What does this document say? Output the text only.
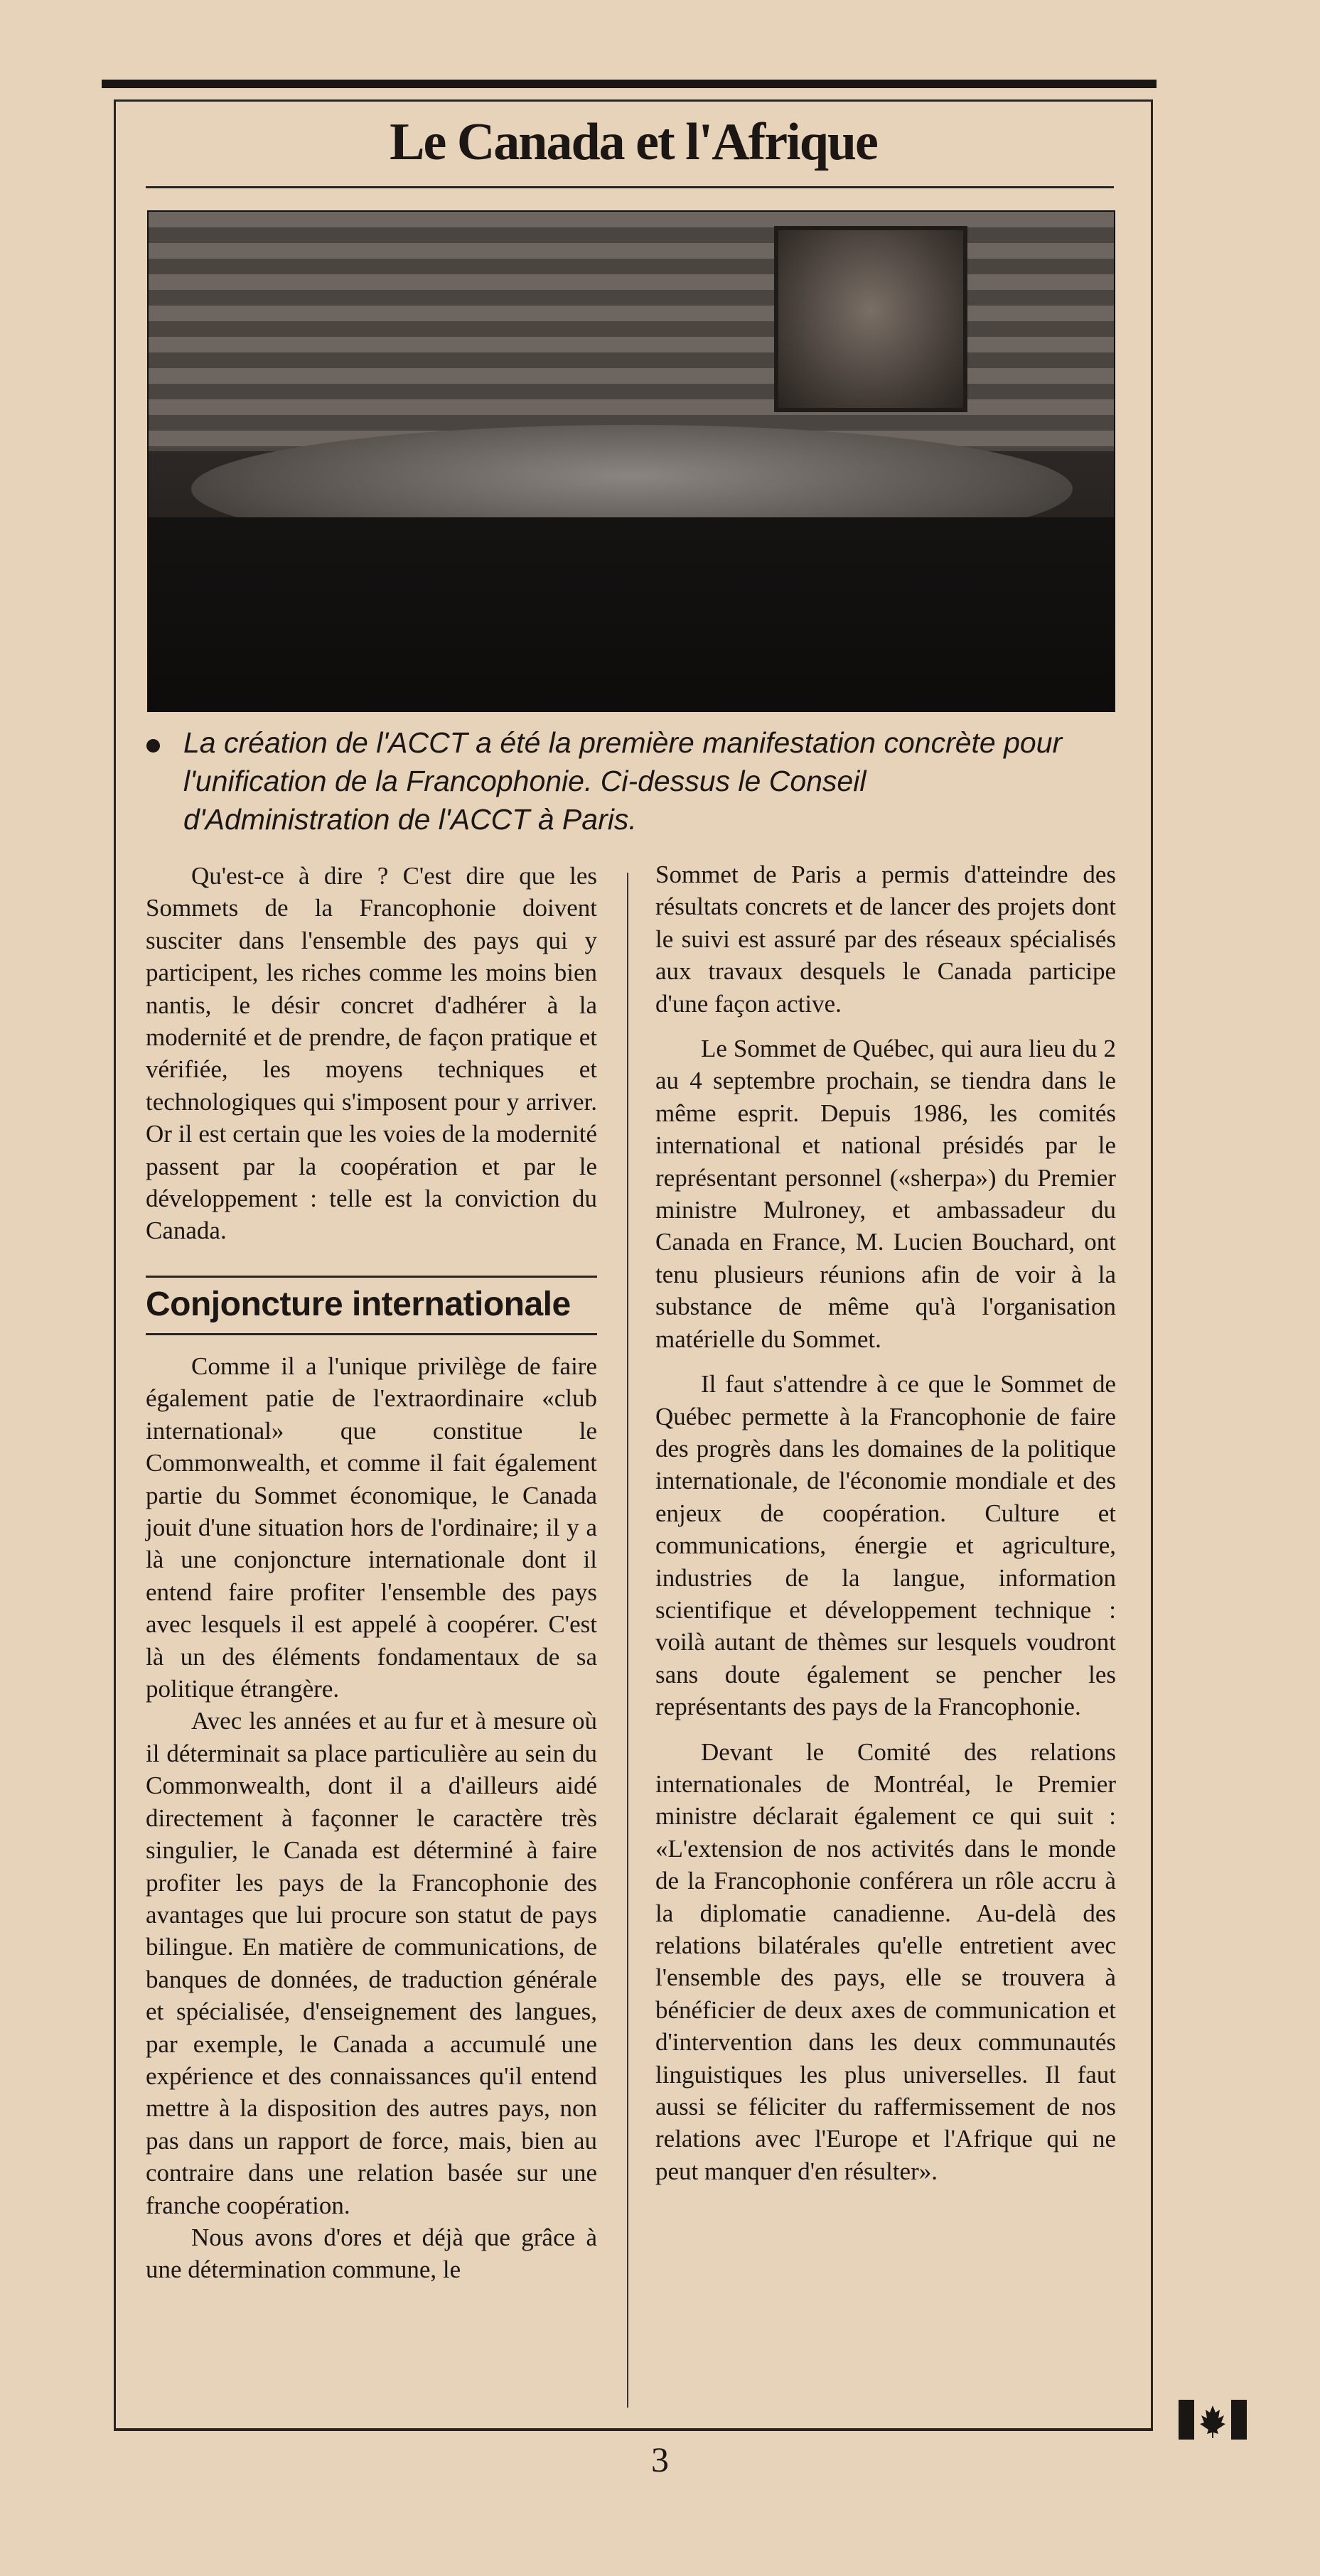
Le Canada et l'Afrique

La création de l'ACCT a été la première manifestation concrète pour l'unification de la Francophonie. Ci-dessus le Conseil d'Administration de l'ACCT à Paris.

Qu'est-ce à dire ? C'est dire que les Sommets de la Francophonie doivent susciter dans l'ensemble des pays qui y participent, les riches comme les moins bien nantis, le désir concret d'adhérer à la modernité et de prendre, de façon pratique et vérifiée, les moyens techniques et technologiques qui s'imposent pour y arriver. Or il est certain que les voies de la modernité passent par la coopération et par le développement : telle est la conviction du Canada.

Conjoncture internationale

Comme il a l'unique privilège de faire également patie de l'extraordinaire «club international» que constitue le Commonwealth, et comme il fait également partie du Sommet économique, le Canada jouit d'une situation hors de l'ordinaire; il y a là une conjoncture internationale dont il entend faire profiter l'ensemble des pays avec lesquels il est appelé à coopérer. C'est là un des éléments fondamentaux de sa politique étrangère.

Avec les années et au fur et à mesure où il déterminait sa place particulière au sein du Commonwealth, dont il a d'ailleurs aidé directement à façonner le caractère très singulier, le Canada est déterminé à faire profiter les pays de la Francophonie des avantages que lui procure son statut de pays bilingue. En matière de communications, de banques de données, de traduction générale et spécialisée, d'enseignement des langues, par exemple, le Canada a accumulé une expérience et des connaissances qu'il entend mettre à la disposition des autres pays, non pas dans un rapport de force, mais, bien au contraire dans une relation basée sur une franche coopération.

Nous avons d'ores et déjà que grâce à une détermination commune, le

Sommet de Paris a permis d'atteindre des résultats concrets et de lancer des projets dont le suivi est assuré par des réseaux spécialisés aux travaux desquels le Canada participe d'une façon active.

Le Sommet de Québec, qui aura lieu du 2 au 4 septembre prochain, se tiendra dans le même esprit. Depuis 1986, les comités international et national présidés par le représentant personnel («sherpa») du Premier ministre Mulroney, et ambassadeur du Canada en France, M. Lucien Bouchard, ont tenu plusieurs réunions afin de voir à la substance de même qu'à l'organisation matérielle du Sommet.

Il faut s'attendre à ce que le Sommet de Québec permette à la Francophonie de faire des progrès dans les domaines de la politique internationale, de l'économie mondiale et des enjeux de coopération. Culture et communications, énergie et agriculture, industries de la langue, information scientifique et développement technique : voilà autant de thèmes sur lesquels voudront sans doute également se pencher les représentants des pays de la Francophonie.

Devant le Comité des relations internationales de Montréal, le Premier ministre déclarait également ce qui suit : «L'extension de nos activités dans le monde de la Francophonie conférera un rôle accru à la diplomatie canadienne. Au-delà des relations bilatérales qu'elle entretient avec l'ensemble des pays, elle se trouvera à bénéficier de deux axes de communication et d'intervention dans les deux communautés linguistiques les plus universelles. Il faut aussi se féliciter du raffermissement de nos relations avec l'Europe et l'Afrique qui ne peut manquer d'en résulter».

3
